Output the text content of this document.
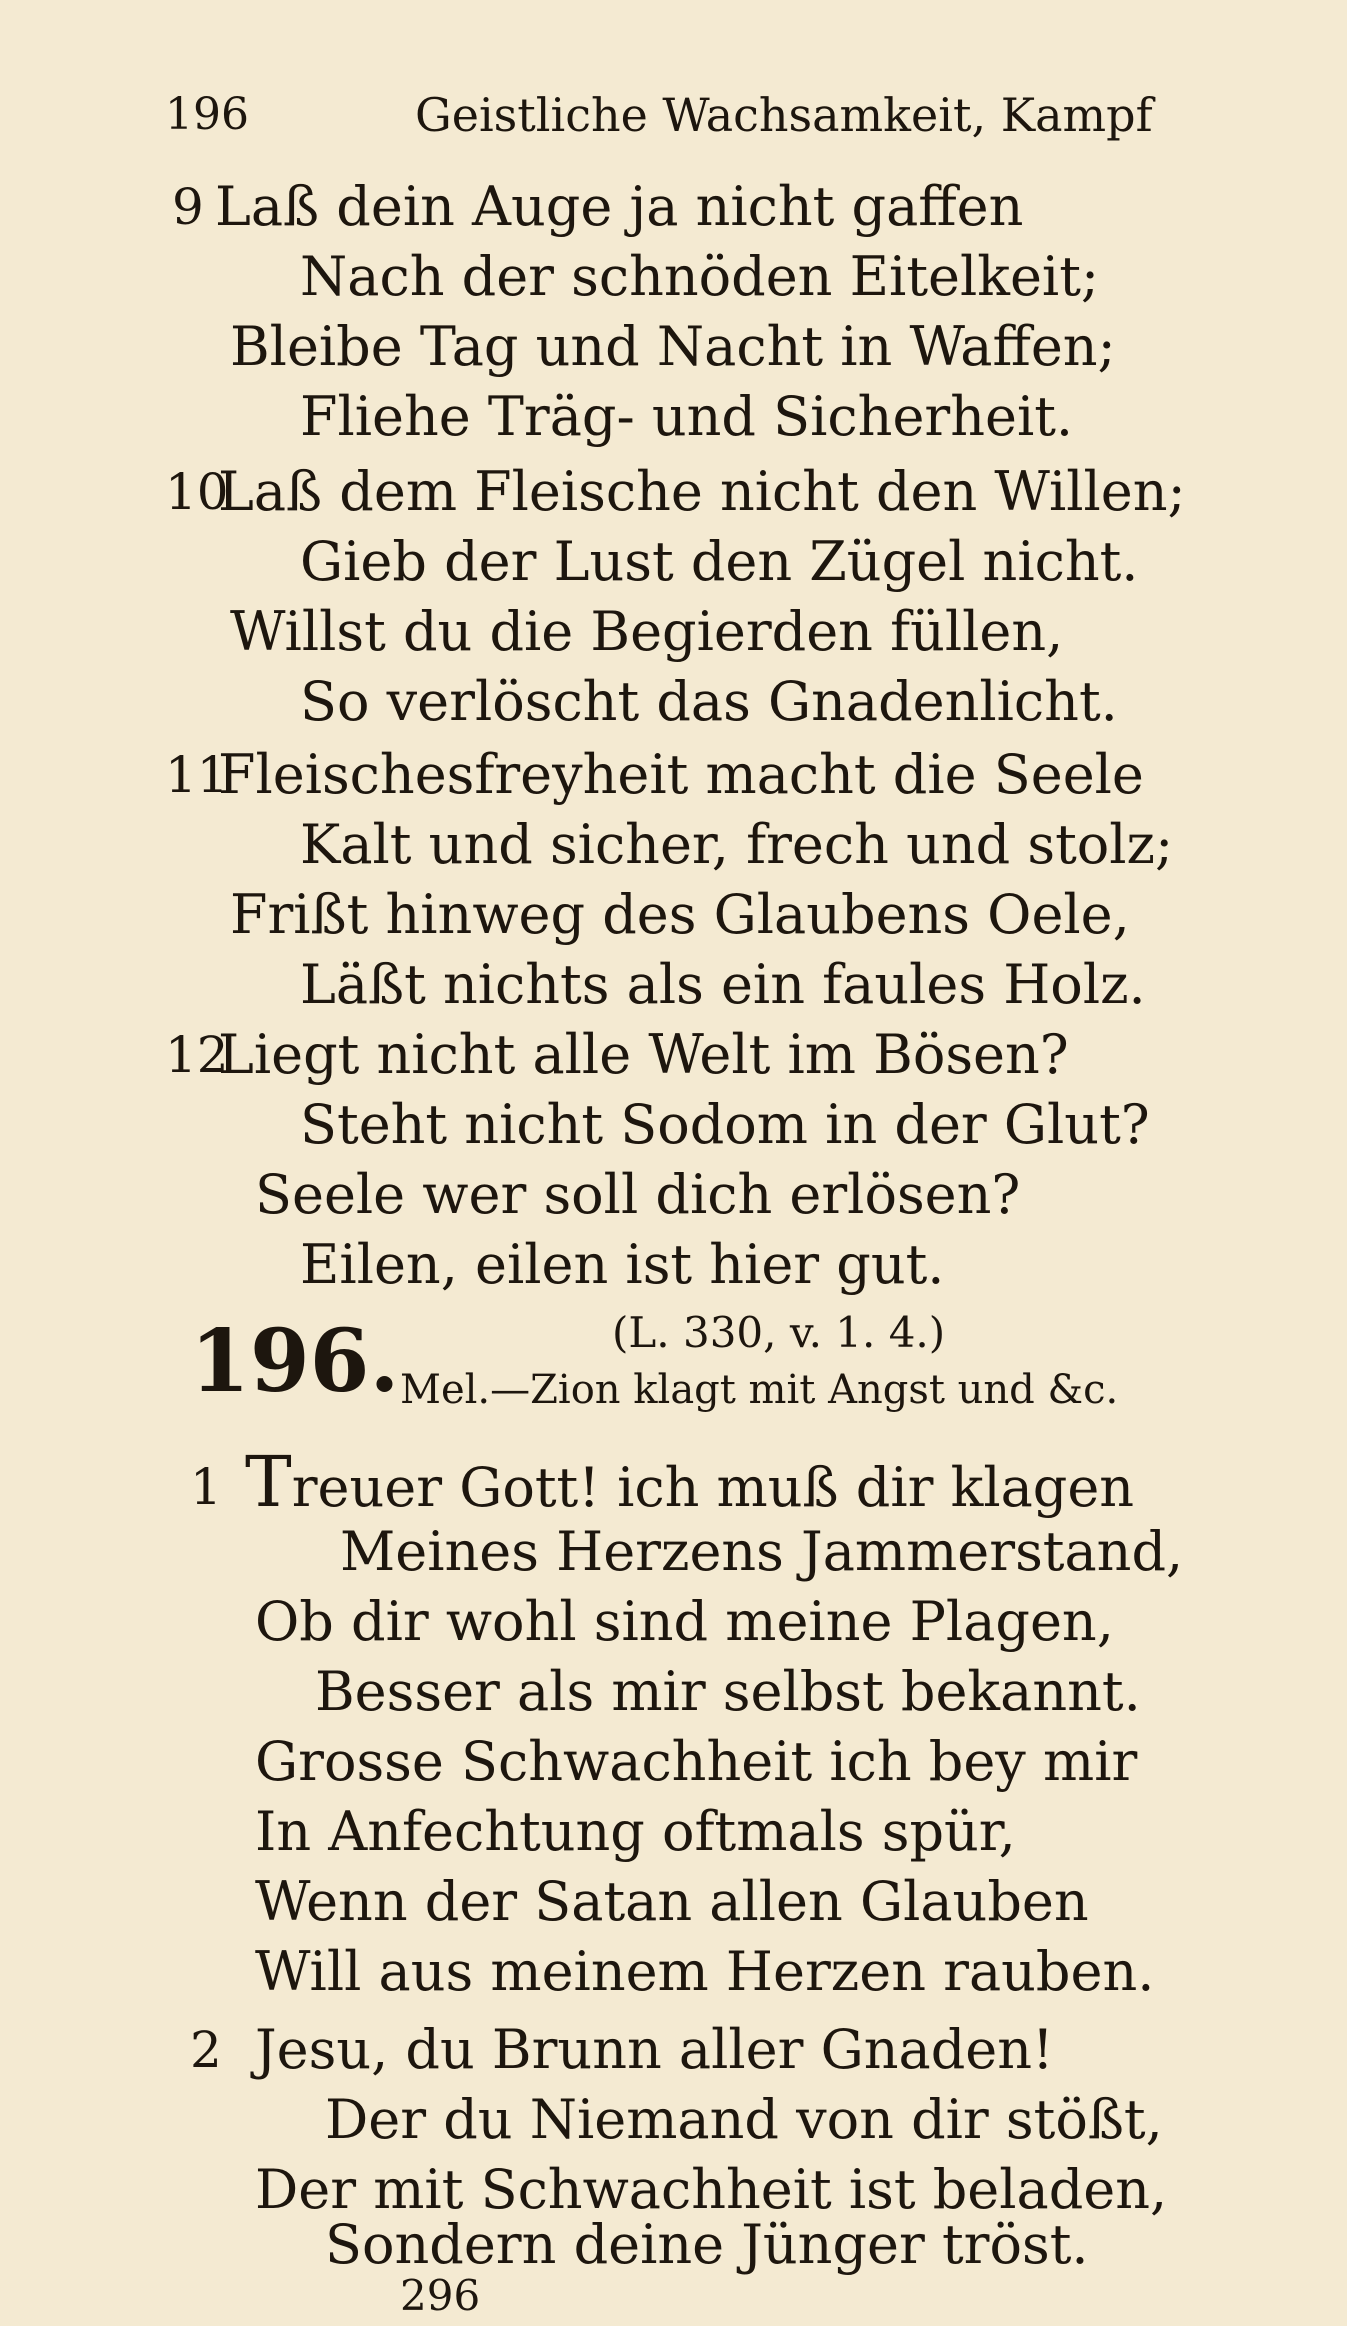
196	Geistliche Wachsamkeit, Kampf
9 Laß dein Auge ja nicht gaffen
Nach der schnöden Eitelkeit;
Bleibe Tag und Nacht in Waffen;
Fliehe Träg- und Sicherheit.
10
Laß dem Fleische nicht den Willen;
Gieb der Lust den Zügel nicht.
Willst du die Begierden füllen,
So verlöscht das Gnadenlicht.
11
Fleischesfreyheit macht die Seele
Kalt und sicher, frech und stolz;
Frißt hinweg des Glaubens Oele,
Läßt nichts als ein faules Holz.
12
Liegt nicht alle Welt im Bösen?
Steht nicht Sodom in der Glut?
Seele wer soll dich erlösen?
Eilen, eilen ist hier gut.
196.	(L. 330, v. 1. 4.)
Mel.—Zion klagt mit Angst und &c.
1 Treuer Gott! ich muß dir klagen
Meines Herzens Jammerstand,
Ob dir wohl sind meine Plagen,
Besser als mir selbst bekannt.
Grosse Schwachheit ich bey mir
In Anfechtung oftmals spür,
Wenn der Satan allen Glauben
Will aus meinem Herzen rauben.
2 Jesu, du Brunn aller Gnaden!
Der du Niemand von dir stößt,
Der mit Schwachheit ist beladen,
Sondern deine Jünger tröst.
296
